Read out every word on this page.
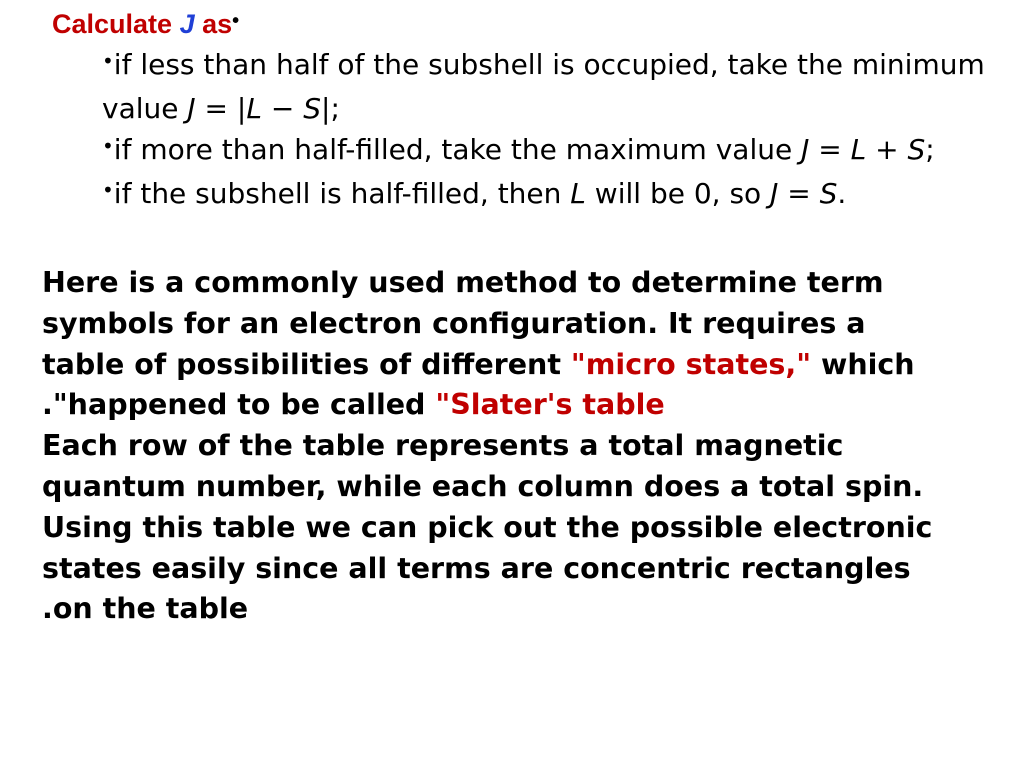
Calculate J as•
•if less than half of the subshell is occupied, take the minimum value J = |L − S|;
•if more than half-filled, take the maximum value J = L + S;
•if the subshell is half-filled, then L will be 0, so J = S.

Here is a commonly used method to determine term
symbols for an electron configuration. It requires a
table of possibilities of different "micro states," which
."happened to be called "Slater's table

Each row of the table represents a total magnetic
quantum number, while each column does a total spin.
Using this table we can pick out the possible electronic
states easily since all terms are concentric rectangles
.on the table
